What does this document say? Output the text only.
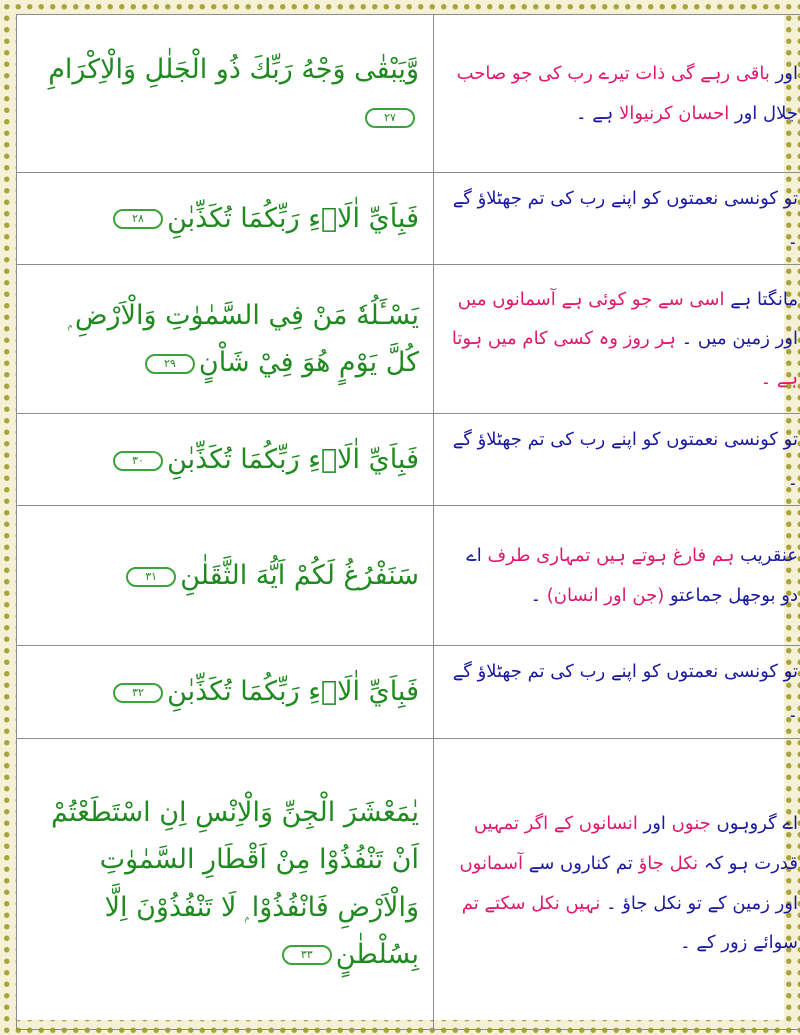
وَّيَبْقٰى وَجْهُ رَبِّكَ ذُو الْجَلٰلِ وَالْاِكْرَامِ٢٧	اور باقی رہے گی ذات تیرے رب کی جو صاحب جلال اور احسان کرنیوالا ہے ۔
فَبِاَيِّ اٰلَاۗءِ رَبِّكُمَا تُكَذِّبٰنِ٢٨	تو کونسی نعمتوں کو اپنے رب کی تم جھٹلاؤ گے ۔
يَسْـَٔلُهٗ مَنْ فِي السَّمٰوٰتِ وَالْاَرْضِ ۭ كُلَّ يَوْمٍ هُوَ فِيْ شَاْنٍ٢٩	مانگتا ہے اسی سے جو کوئی ہے آسمانوں میں اور زمین میں ۔ ہر روز وہ کسی کام میں ہوتا ہے ۔
فَبِاَيِّ اٰلَاۗءِ رَبِّكُمَا تُكَذِّبٰنِ٣٠	تو کونسی نعمتوں کو اپنے رب کی تم جھٹلاؤ گے ۔
سَنَفْرُغُ لَكُمْ اَيُّهَ الثَّقَلٰنِ٣١	عنقریب ہم فارغ ہوتے ہیں تمہاری طرف اے دو بوجھل جماعتو (جن اور انسان) ۔
فَبِاَيِّ اٰلَاۗءِ رَبِّكُمَا تُكَذِّبٰنِ٣٢	تو کونسی نعمتوں کو اپنے رب کی تم جھٹلاؤ گے ۔
يٰمَعْشَرَ الْجِنِّ وَالْاِنْسِ اِنِ اسْتَطَعْتُمْ اَنْ تَنْفُذُوْا مِنْ اَقْطَارِ السَّمٰوٰتِ وَالْاَرْضِ فَانْفُذُوْا ۭ لَا تَنْفُذُوْنَ اِلَّا بِسُلْطٰنٍ٣٣	اے گروہوں جنوں اور انسانوں کے اگر تمہیں قدرت ہو کہ نکل جاؤ تم کناروں سے آسمانوں اور زمین کے تو نکل جاؤ ۔ نہیں نکل سکتے تم سوائے زور کے ۔
